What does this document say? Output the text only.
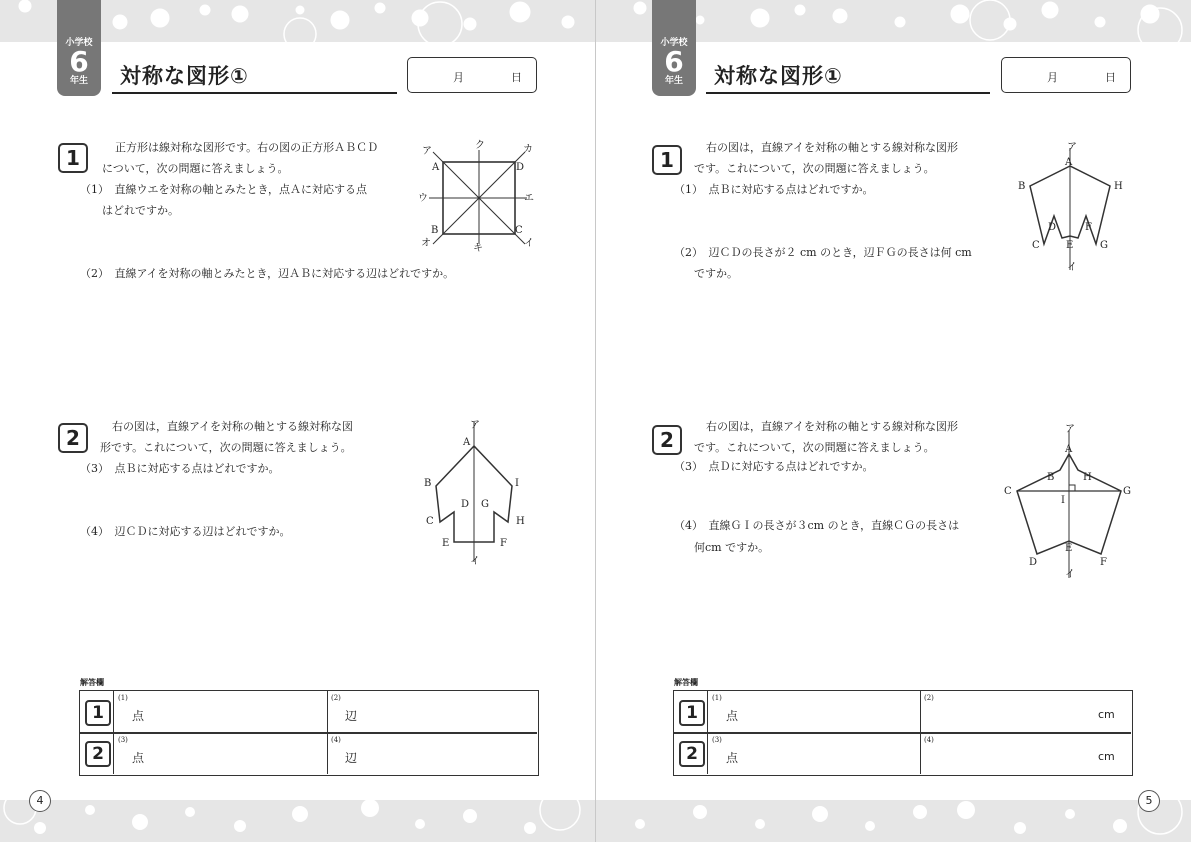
小学校
6
年生	対称な図形①	月	日
1	正方形は線対称な図形です。右の図の正方形ＡＢＣＤ
について，次の問題に答えましょう。
（1）　直線ウエを対称の軸とみたとき，点Ａに対応する点
はどれですか。
（2）　直線アイを対称の軸とみたとき，辺ＡＢに対応する辺はどれですか。
ア
ク	カ
ウ	エ
オ	キ	イ
A	D
B	C
2	右の図は，直線アイを対称の軸とする線対称な図
形です。これについて，次の問題に答えましょう。
（3）　点Ｂに対応する点はどれですか。
（4）　辺ＣＤに対応する辺はどれですか。
ア
A
B
C
D
E	F
G
H
I
イ
解答欄
1
(1)
点
(2)
辺
2
(3)
点
(4)
辺
4
小学校
6
年生	対称な図形①	月	日
1
右の図は，直線アイを対称の軸とする線対称な図形
です。これについて，次の問題に答えましょう。
（1）　点Ｂに対応する点はどれですか。
（2）　辺ＣＤの長さが２ cm のとき，辺ＦＧの長さは何 cm
ですか。
ア
A
B
C
D
E
F
G
H
イ
2
右の図は，直線アイを対称の軸とする線対称な図形
です。これについて，次の問題に答えましょう。
（3）　点Ｄに対応する点はどれですか。
（4）　直線ＧＩの長さが３cm のとき，直線ＣＧの長さは
何cm ですか。
ア
A
B
C
D
E
F
G
H
I
イ
解答欄
1
(1)
点
(2)
cm
2
(3)
点
(4)
cm
5
